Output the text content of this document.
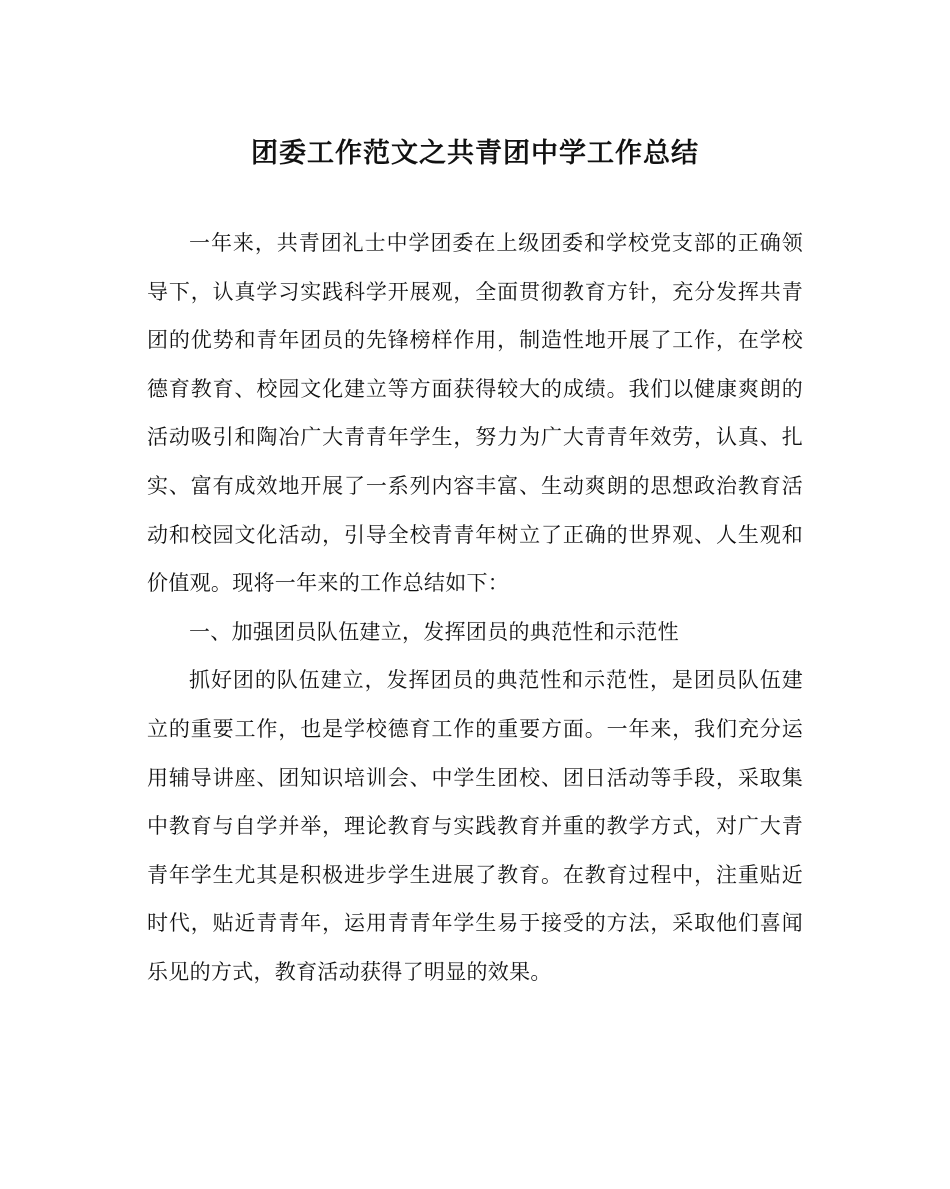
团委工作范文之共青团中学工作总结

一年来，共青团礼士中学团委在上级团委和学校党支部的正确领导下，认真学习实践科学开展观，全面贯彻教育方针，充分发挥共青团的优势和青年团员的先锋榜样作用，制造性地开展了工作，在学校德育教育、校园文化建立等方面获得较大的成绩。我们以健康爽朗的活动吸引和陶冶广大青青年学生，努力为广大青青年效劳，认真、扎实、富有成效地开展了一系列内容丰富、生动爽朗的思想政治教育活动和校园文化活动，引导全校青青年树立了正确的世界观、人生观和价值观。现将一年来的工作总结如下：

一、加强团员队伍建立，发挥团员的典范性和示范性

抓好团的队伍建立，发挥团员的典范性和示范性，是团员队伍建立的重要工作，也是学校德育工作的重要方面。一年来，我们充分运用辅导讲座、团知识培训会、中学生团校、团日活动等手段，采取集中教育与自学并举，理论教育与实践教育并重的教学方式，对广大青青年学生尤其是积极进步学生进展了教育。在教育过程中，注重贴近时代，贴近青青年，运用青青年学生易于接受的方法，采取他们喜闻乐见的方式，教育活动获得了明显的效果。
